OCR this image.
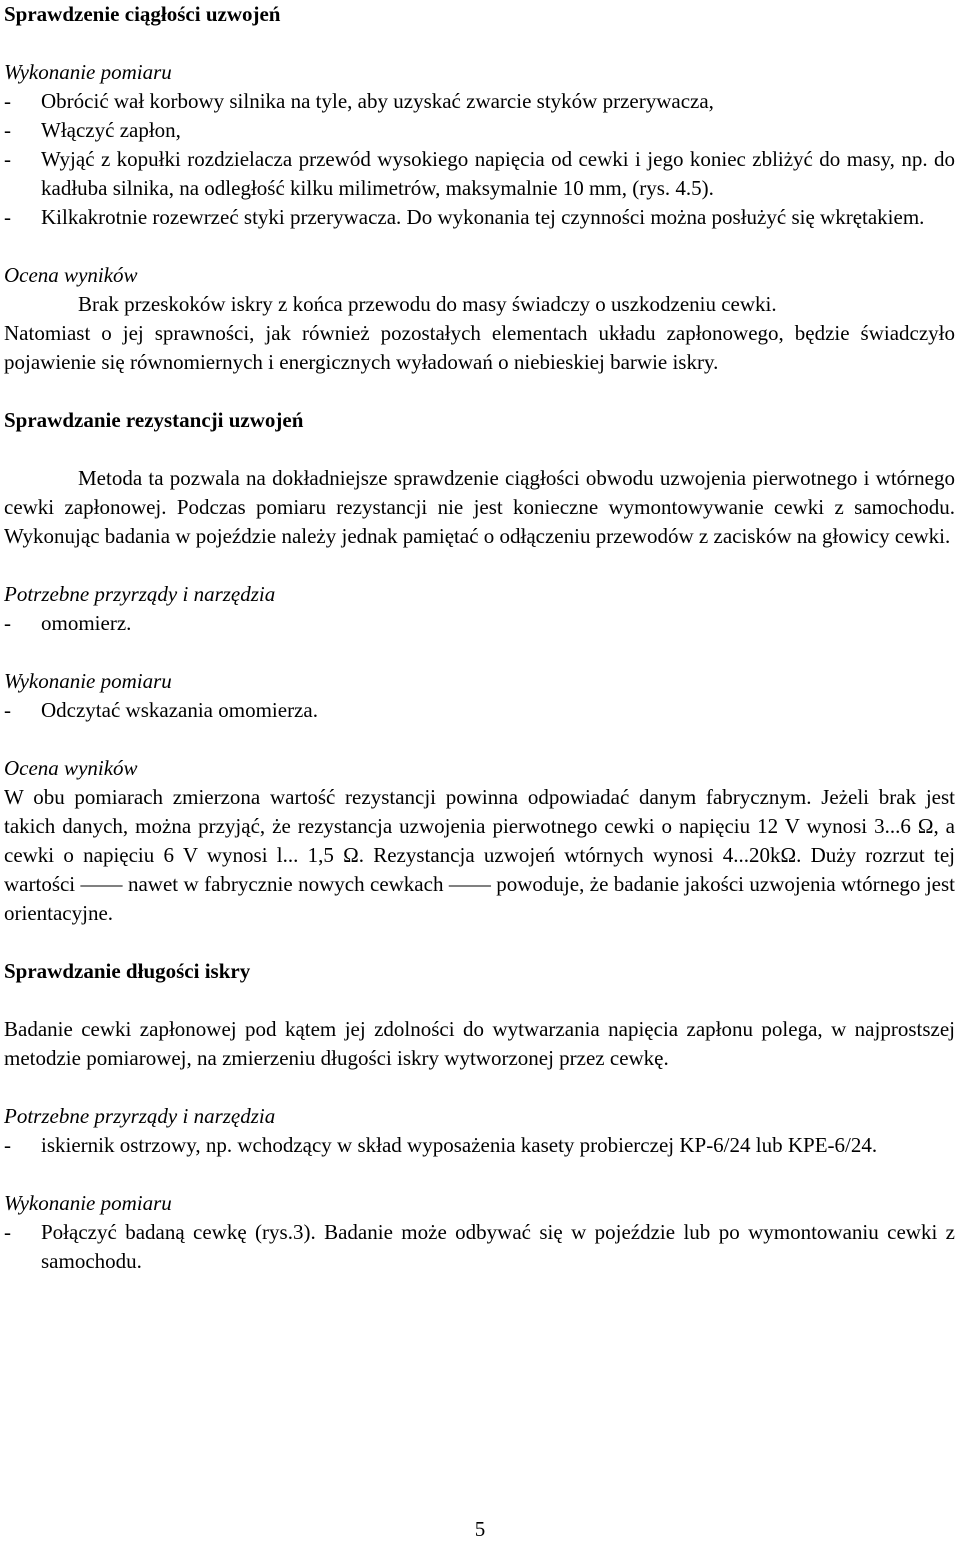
Sprawdzenie ciągłości uzwojeń
Wykonanie pomiaru
- Obrócić wał korbowy silnika na tyle, aby uzyskać zwarcie styków przerywacza,
- Włączyć zapłon,
- Wyjąć z kopułki rozdzielacza przewód wysokiego napięcia od cewki i jego koniec zbliżyć do masy, np. do kadłuba silnika, na odległość kilku milimetrów, maksymalnie 10 mm, (rys. 4.5).
- Kilkakrotnie rozewrzeć styki przerywacza. Do wykonania tej czynności można posłużyć się wkrętakiem.
Ocena wyników

Brak przeskoków iskry z końca przewodu do masy świadczy o uszkodzeniu cewki.

Natomiast o jej sprawności, jak również pozostałych elementach układu zapłonowego, będzie świadczyło pojawienie się równomiernych i energicznych wyładowań o niebieskiej barwie iskry.

Sprawdzanie rezystancji uzwojeń

Metoda ta pozwala na dokładniejsze sprawdzenie ciągłości obwodu uzwojenia pierwotnego i wtórnego cewki zapłonowej. Podczas pomiaru rezystancji nie jest konieczne wymontowywanie cewki z samochodu. Wykonując badania w pojeździe należy jednak pamiętać o odłączeniu przewodów z zacisków na głowicy cewki.

Potrzebne przyrządy i narzędzia
- omomierz.
Wykonanie pomiaru
- Odczytać wskazania omomierza.
Ocena wyników

W obu pomiarach zmierzona wartość rezystancji powinna odpowiadać danym fabrycznym. Jeżeli brak jest takich danych, można przyjąć, że rezystancja uzwojenia pierwotnego cewki o napięciu 12 V wynosi 3...6 Ω, a cewki o napięciu 6 V wynosi l... 1,5 Ω. Rezystancja uzwojeń wtórnych wynosi 4...20kΩ. Duży rozrzut tej wartości —— nawet w fabrycznie nowych cewkach —— powoduje, że badanie jakości uzwojenia wtórnego jest orientacyjne.

Sprawdzanie długości iskry

Badanie cewki zapłonowej pod kątem jej zdolności do wytwarzania napięcia zapłonu polega, w najprostszej metodzie pomiarowej, na zmierzeniu długości iskry wytworzonej przez cewkę.

Potrzebne przyrządy i narzędzia
- iskiernik ostrzowy, np. wchodzący w skład wyposażenia kasety probierczej KP-6/24 lub KPE-6/24.
Wykonanie pomiaru
- Połączyć badaną cewkę (rys.3). Badanie może odbywać się w pojeździe lub po wymontowaniu cewki z samochodu.
5
